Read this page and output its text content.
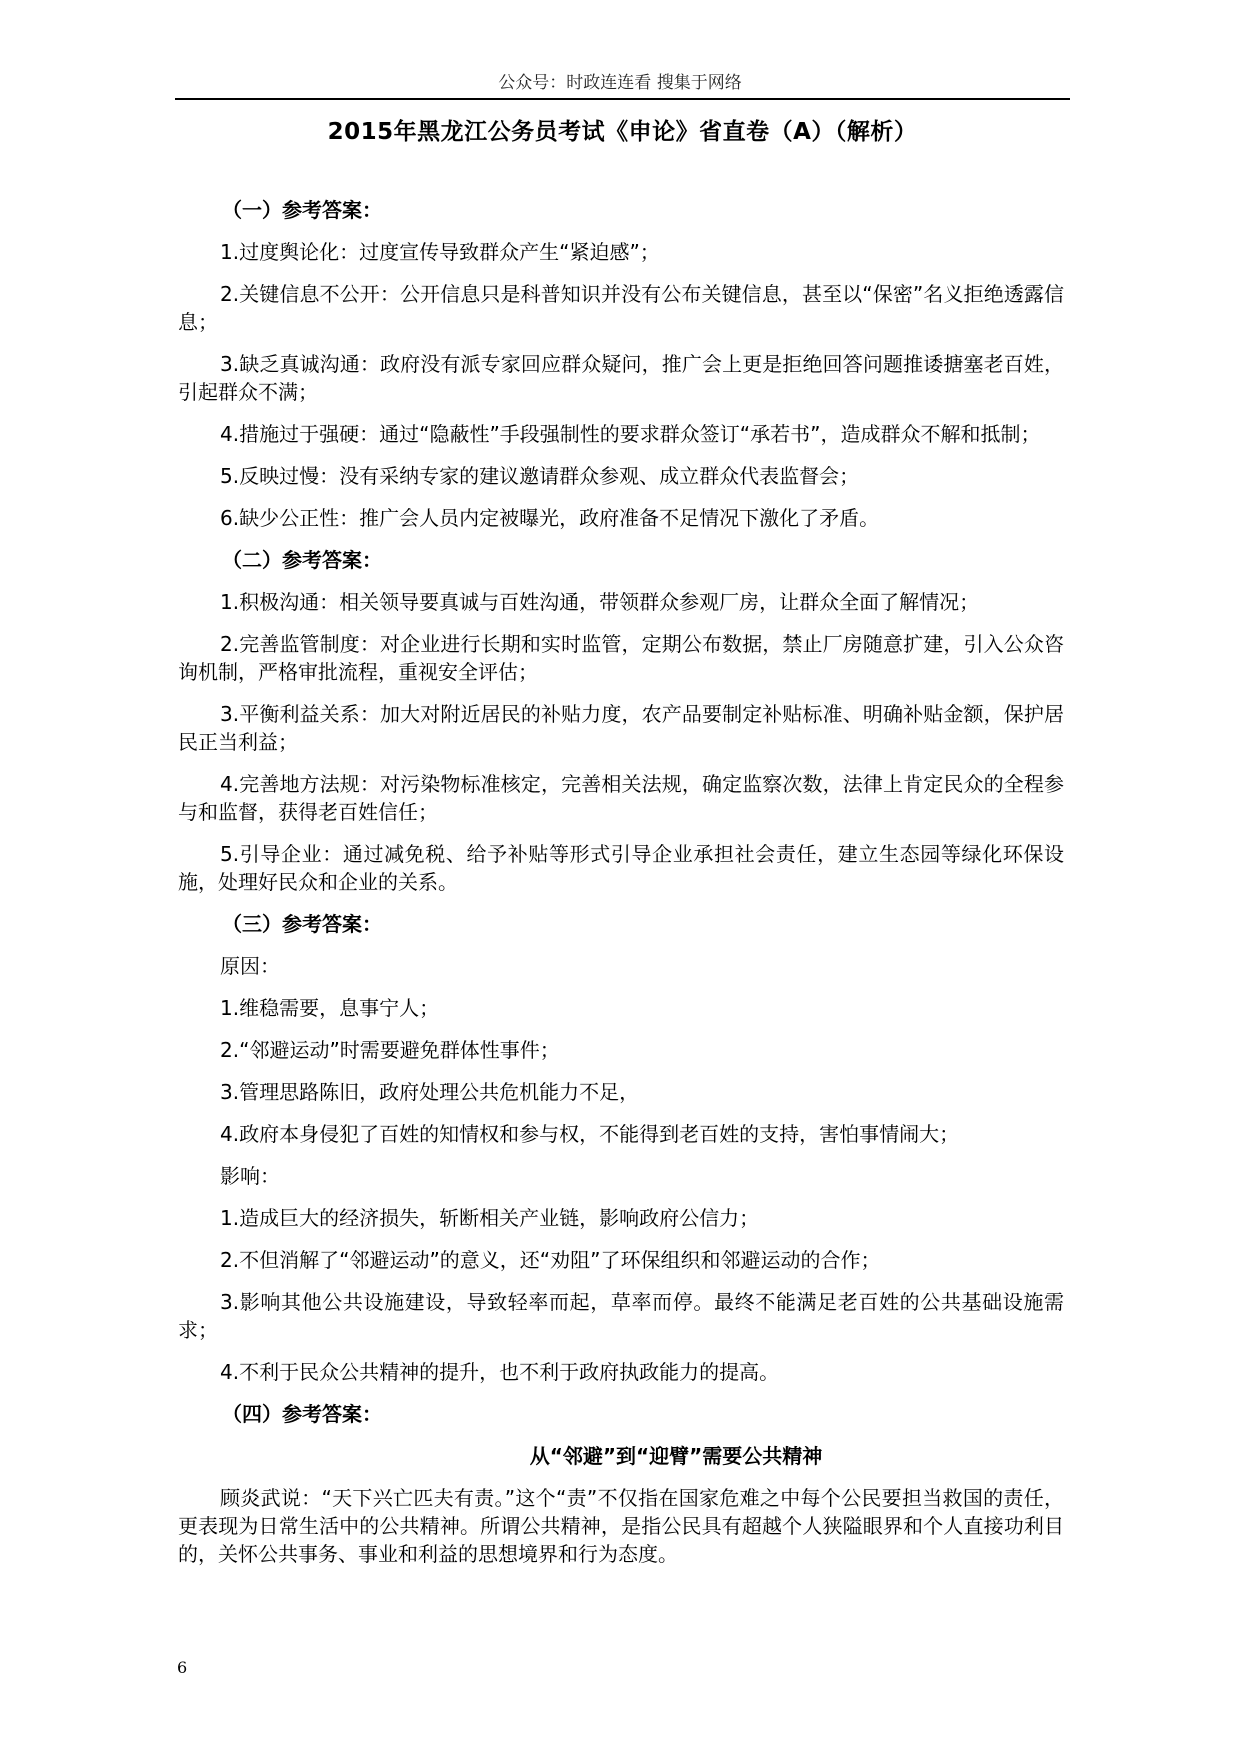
公众号：时政连连看 搜集于网络
2015年黑龙江公务员考试《申论》省直卷（A）（解析）
（一）参考答案：

1.过度舆论化：过度宣传导致群众产生“紧迫感”；

2.关键信息不公开：公开信息只是科普知识并没有公布关键信息，甚至以“保密”名义拒绝透露信息；

3.缺乏真诚沟通：政府没有派专家回应群众疑问，推广会上更是拒绝回答问题推诿搪塞老百姓，引起群众不满；

4.措施过于强硬：通过“隐蔽性”手段强制性的要求群众签订“承若书”，造成群众不解和抵制；

5.反映过慢：没有采纳专家的建议邀请群众参观、成立群众代表监督会；

6.缺少公正性：推广会人员内定被曝光，政府准备不足情况下激化了矛盾。

（二）参考答案：

1.积极沟通：相关领导要真诚与百姓沟通，带领群众参观厂房，让群众全面了解情况；

2.完善监管制度：对企业进行长期和实时监管，定期公布数据，禁止厂房随意扩建，引入公众咨询机制，严格审批流程，重视安全评估；

3.平衡利益关系：加大对附近居民的补贴力度，农产品要制定补贴标准、明确补贴金额，保护居民正当利益；

4.完善地方法规：对污染物标准核定，完善相关法规，确定监察次数，法律上肯定民众的全程参与和监督，获得老百姓信任；

5.引导企业：通过减免税、给予补贴等形式引导企业承担社会责任，建立生态园等绿化环保设施，处理好民众和企业的关系。

（三）参考答案：

原因：

1.维稳需要，息事宁人；

2.“邻避运动”时需要避免群体性事件；

3.管理思路陈旧，政府处理公共危机能力不足，

4.政府本身侵犯了百姓的知情权和参与权，不能得到老百姓的支持，害怕事情闹大；

影响：

1.造成巨大的经济损失，斩断相关产业链，影响政府公信力；

2.不但消解了“邻避运动”的意义，还“劝阻”了环保组织和邻避运动的合作；

3.影响其他公共设施建设，导致轻率而起，草率而停。最终不能满足老百姓的公共基础设施需求；

4.不利于民众公共精神的提升，也不利于政府执政能力的提高。

（四）参考答案：
从“邻避”到“迎臂”需要公共精神

顾炎武说：“天下兴亡匹夫有责。”这个“责”不仅指在国家危难之中每个公民要担当救国的责任，更表现为日常生活中的公共精神。所谓公共精神，是指公民具有超越个人狭隘眼界和个人直接功利目的，关怀公共事务、事业和利益的思想境界和行为态度。

6
